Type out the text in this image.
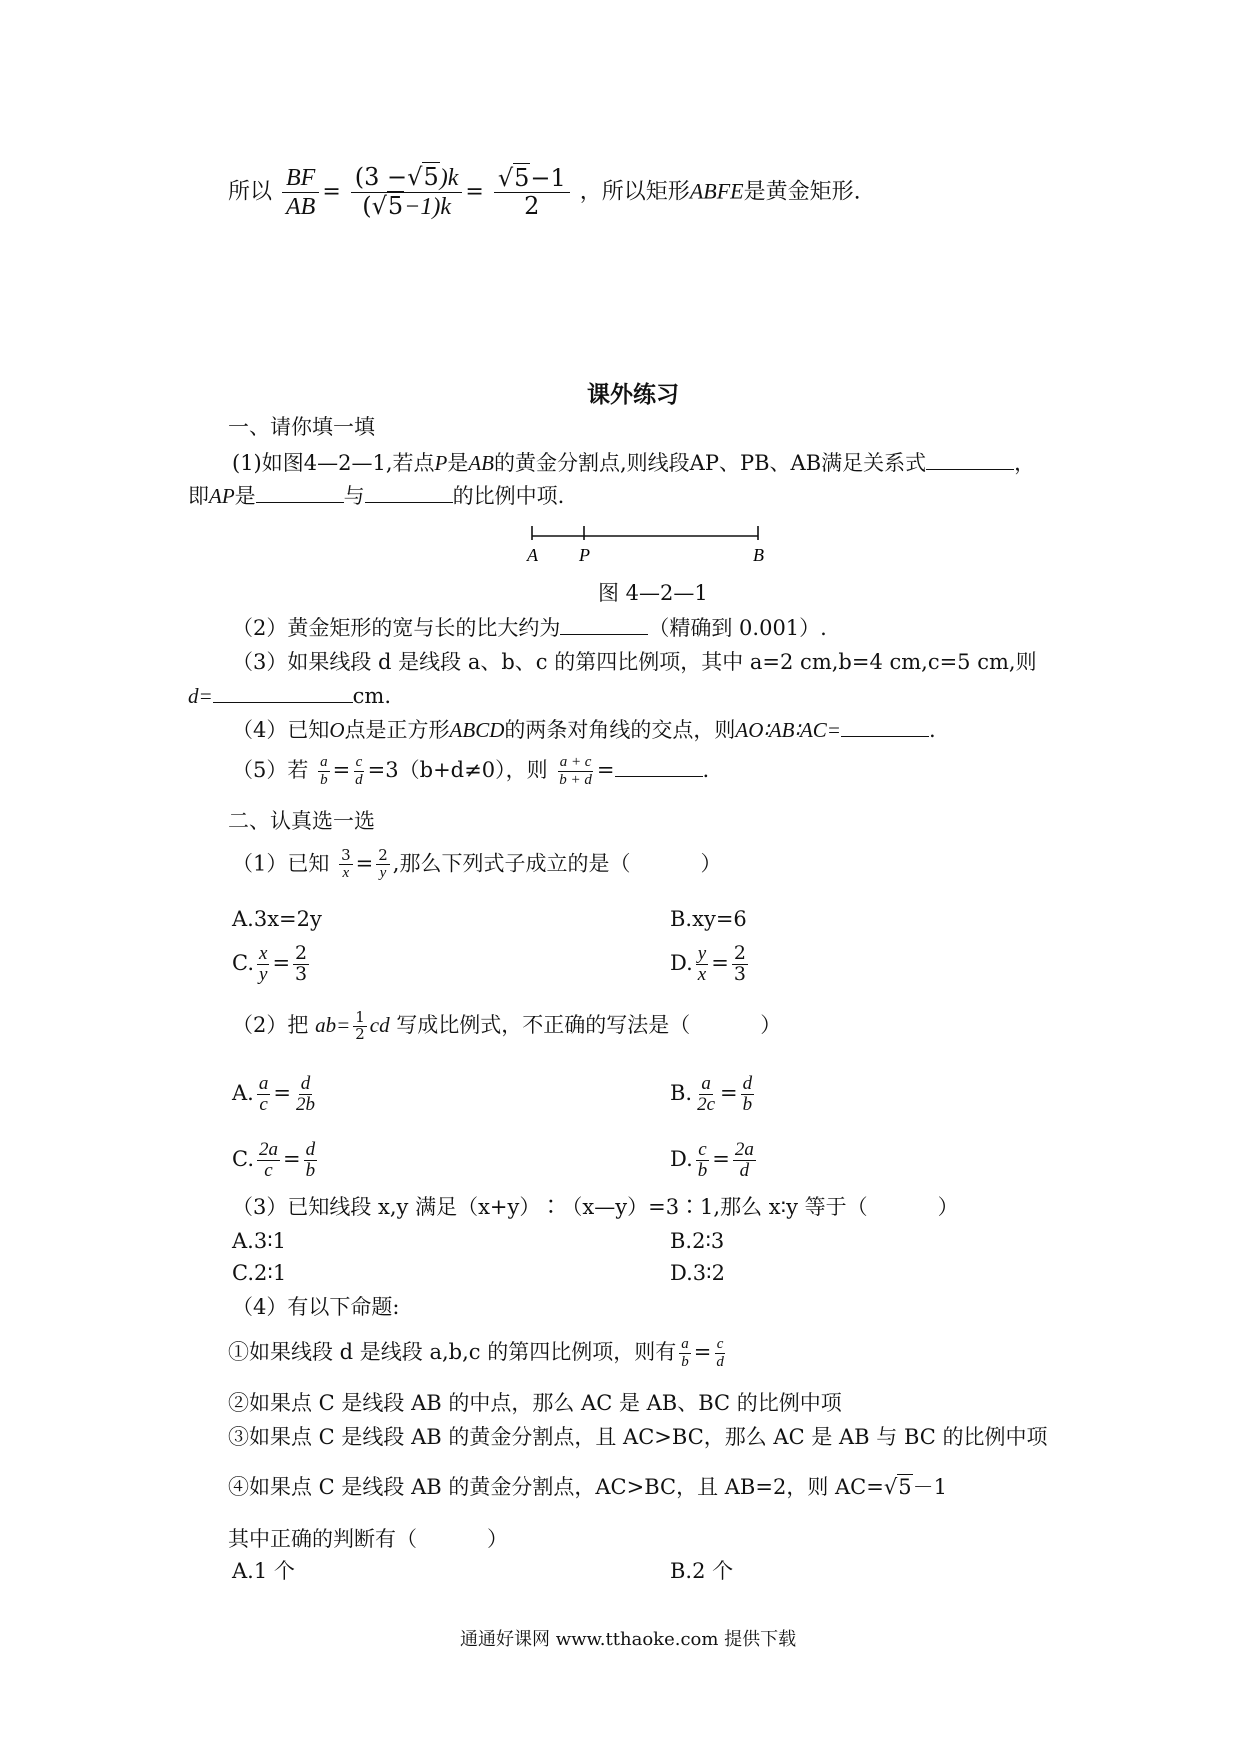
所以 $\frac{BF}{AB} = \frac{(3 -√5)k}{(√5-1)k} = \frac{√5-1}{2}$ ，所以矩形ABFE是黄金矩形.
课外练习
一、请你填一填
(1)如图4—2—1,若点P是AB的黄金分割点,则线段AP、PB、AB满足关系式	，
即AP是	与	的比例中项.
A P	B
图 4—2—1
（2）黄金矩形的宽与长的比大约为	（精确到 0.001）.
（3）如果线段 d 是线段 a、b、c 的第四比例项，其中 a=2 cm,b=4 cm,c=5 cm,则
d=	cm.
（4）已知O点是正方形ABCD的两条对角线的交点，则AO∶AB∶AC=	.
（5）若 $\frac{a}{b} = \frac{c}{d} =3(b+d\ne 0)$，则 $\frac{a + c}{b + d}$ =	.
二、认真选一选
（1）已知 $\frac{3}{x} = \frac{2}{y}$ ,那么下列式子成立的是（	）
A.3x=2y	B.xy=6
C. $\frac{x}{y} = \frac{2}{3}$	D. $\frac{y}{x} = \frac{2}{3}$
（2）把 $ab= \frac{1}{2}$ cd 写成比例式，不正确的写法是（	）
A. $\frac{a}{c} = \frac{d}{2b}$	B. $\frac{a}{2c} = \frac{d}{b}$
C. $\frac{2a}{c} = \frac{d}{b}$	D. $\frac{c}{b} = \frac{2a}{d}$
（3）已知线段 x,y 满足（x+y）∶（x—y）=3∶1,那么 x∶y 等于（	）
A.3∶1	B.2∶3
C.2∶1	D.3∶2
（4）有以下命题:
①如果线段 d 是线段 a,b,c 的第四比例项，则有 $\frac{a}{b} = \frac{c}{d}$
②如果点 C 是线段 AB 的中点，那么 AC 是 AB、BC 的比例中项
③如果点 C 是线段 AB 的黄金分割点，且 AC>BC，那么 AC 是 AB 与 BC 的比例中项
④如果点 C 是线段 AB 的黄金分割点，AC>BC，且 AB=2，则 AC=√5－1
其中正确的判断有（	）
A.1 个	B.2 个
通通好课网 www.tthaoke.com 提供下载
